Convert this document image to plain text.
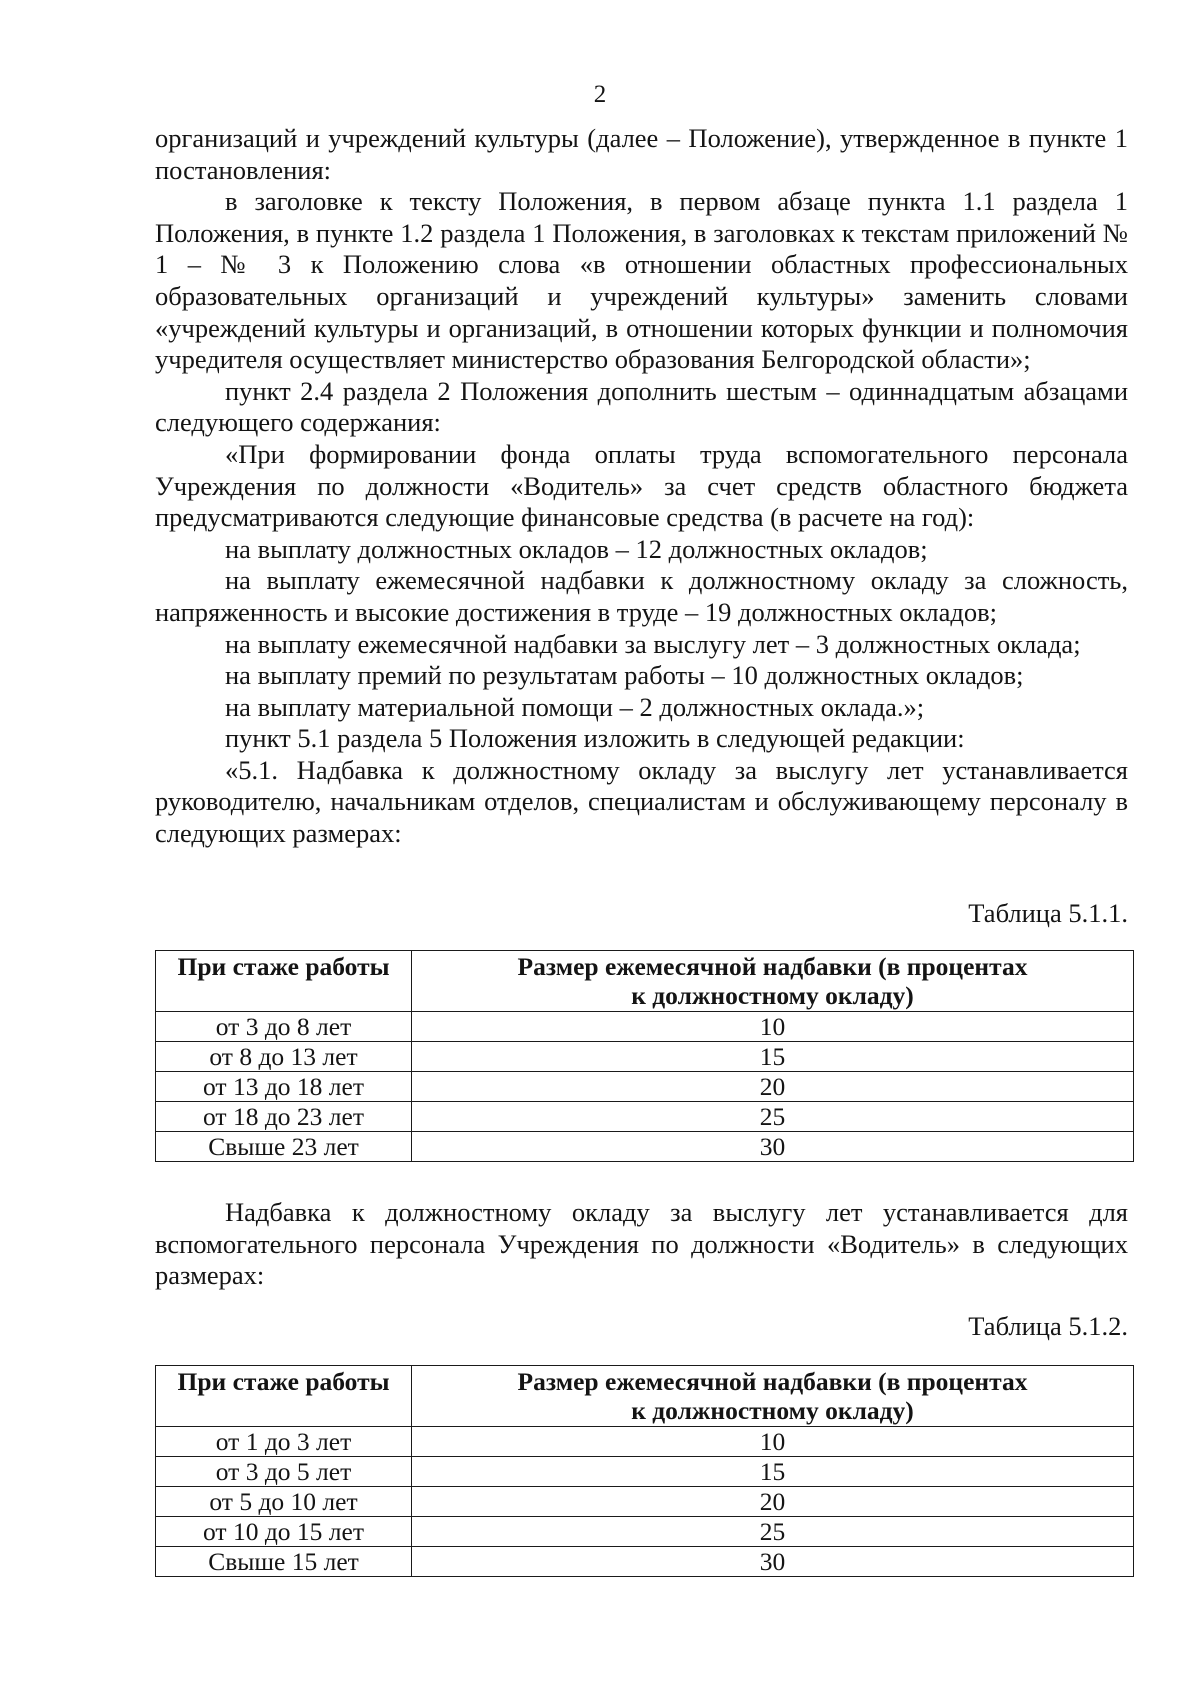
2

организаций и учреждений культуры (далее – Положение), утвержденное в пункте 1 постановления:

в заголовке к тексту Положения, в первом абзаце пункта 1.1 раздела 1 Положения, в пункте 1.2 раздела 1 Положения, в заголовках к текстам приложений № 1 – № 3 к Положению слова «в отношении областных профессиональных образовательных организаций и учреждений культуры» заменить словами «учреждений культуры и организаций, в отношении которых функции и полномочия учредителя осуществляет министерство образования Белгородской области»;

пункт 2.4 раздела 2 Положения дополнить шестым – одиннадцатым абзацами следующего содержания:

«При формировании фонда оплаты труда вспомогательного персонала Учреждения по должности «Водитель» за счет средств областного бюджета предусматриваются следующие финансовые средства (в расчете на год):

на выплату должностных окладов – 12 должностных окладов;

на выплату ежемесячной надбавки к должностному окладу за сложность, напряженность и высокие достижения в труде – 19 должностных окладов;

на выплату ежемесячной надбавки за выслугу лет – 3 должностных оклада;

на выплату премий по результатам работы – 10 должностных окладов;

на выплату материальной помощи – 2 должностных оклада.»;

пункт 5.1 раздела 5 Положения изложить в следующей редакции:

«5.1. Надбавка к должностному окладу за выслугу лет устанавливается руководителю, начальникам отделов, специалистам и обслуживающему персоналу в следующих размерах:

Таблица 5.1.1.
При стаже работы	Размер ежемесячной надбавки (в процентах
к должностному окладу)

от 3 до 8 лет	10
от 8 до 13 лет	15
от 13 до 18 лет	20
от 18 до 23 лет	25
Свыше 23 лет	30

Надбавка к должностному окладу за выслугу лет устанавливается для вспомогательного персонала Учреждения по должности «Водитель» в следующих размерах:

Таблица 5.1.2.
При стаже работы	Размер ежемесячной надбавки (в процентах
к должностному окладу)

от 1 до 3 лет	10
от 3 до 5 лет	15
от 5 до 10 лет	20
от 10 до 15 лет	25
Свыше 15 лет	30
